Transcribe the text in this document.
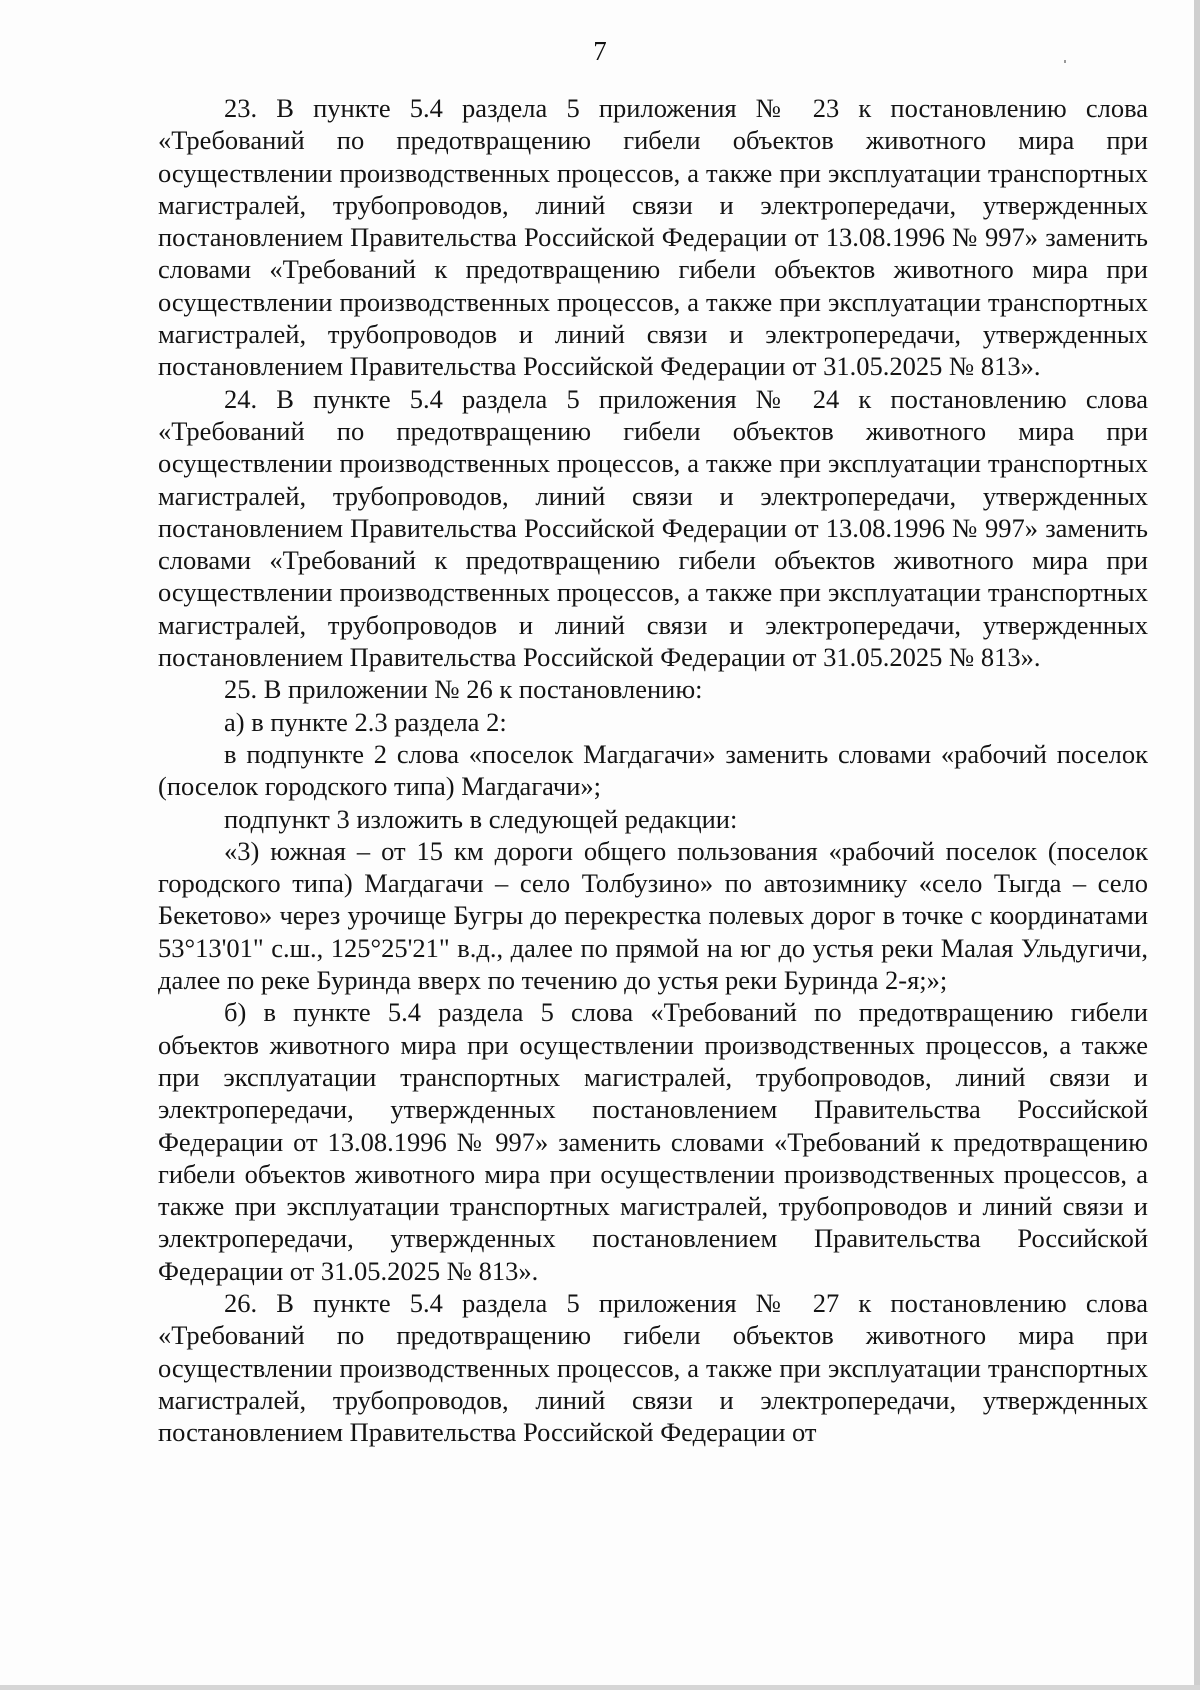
7

23. В пункте 5.4 раздела 5 приложения № 23 к постановлению слова «Требований по предотвращению гибели объектов животного мира при осуществлении производственных процессов, а также при эксплуатации транспортных магистралей, трубопроводов, линий связи и электропередачи, утвержденных постановлением Правительства Российской Федерации от 13.08.1996 № 997» заменить словами «Требований к предотвращению гибели объектов животного мира при осуществлении производственных процессов, а также при эксплуатации транспортных магистралей, трубопроводов и линий связи и электропередачи, утвержденных постановлением Правительства Российской Федерации от 31.05.2025 № 813».

24. В пункте 5.4 раздела 5 приложения № 24 к постановлению слова «Требований по предотвращению гибели объектов животного мира при осуществлении производственных процессов, а также при эксплуатации транспортных магистралей, трубопроводов, линий связи и электропередачи, утвержденных постановлением Правительства Российской Федерации от 13.08.1996 № 997» заменить словами «Требований к предотвращению гибели объектов животного мира при осуществлении производственных процессов, а также при эксплуатации транспортных магистралей, трубопроводов и линий связи и электропередачи, утвержденных постановлением Правительства Российской Федерации от 31.05.2025 № 813».

25. В приложении № 26 к постановлению:

а) в пункте 2.3 раздела 2:

в подпункте 2 слова «поселок Магдагачи» заменить словами «рабочий поселок (поселок городского типа) Магдагачи»;

подпункт 3 изложить в следующей редакции:

«3) южная – от 15 км дороги общего пользования «рабочий поселок (поселок городского типа) Магдагачи – село Толбузино» по автозимнику «село Тыгда – село Бекетово» через урочище Бугры до перекрестка полевых дорог в точке с координатами 53°13'01" с.ш., 125°25'21" в.д., далее по прямой на юг до устья реки Малая Ульдугичи, далее по реке Буринда вверх по течению до устья реки Буринда 2-я;»;

б) в пункте 5.4 раздела 5 слова «Требований по предотвращению гибели объектов животного мира при осуществлении производственных процессов, а также при эксплуатации транспортных магистралей, трубопроводов, линий связи и электропередачи, утвержденных постановлением Правительства Российской Федерации от 13.08.1996 № 997» заменить словами «Требований к предотвращению гибели объектов животного мира при осуществлении производственных процессов, а также при эксплуатации транспортных магистралей, трубопроводов и линий связи и электропередачи, утвержденных постановлением Правительства Российской Федерации от 31.05.2025 № 813».

26. В пункте 5.4 раздела 5 приложения № 27 к постановлению слова «Требований по предотвращению гибели объектов животного мира при осуществлении производственных процессов, а также при эксплуатации транспортных магистралей, трубопроводов, линий связи и электропередачи, утвержденных постановлением Правительства Российской Федерации от
